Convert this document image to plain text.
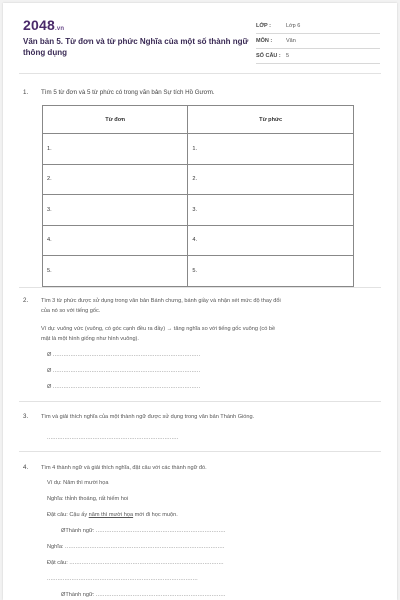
2048.vn
Văn bản 5. Từ đơn và từ phức Nghĩa của một số thành ngữ thông dụng
LỚP :	Lớp 6
MÔN :	Văn
SỐ CÂU : 5
1. Tìm 5 từ đơn và 5 từ phức có trong văn bản Sự tích Hồ Gươm.
Từ đơn	Từ phức
1.	1.
2.	2.
3.	3.
4.	4.
5.	5.
2.	Tìm 3 từ phức được sử dụng trong văn bản Bánh chưng, bánh giầy và nhận xét mức độ thay đổi
của nó so với tiếng gốc.
Ví dụ: vuông vức (vuông, có góc cạnh đều ra đầy) → tăng nghĩa so với tiếng gốc vuông (có bề
mặt là một hình giống như hình vuông).
Ø ....................................................................................
Ø ....................................................................................
Ø ....................................................................................
3.	Tìm và giải thích nghĩa của một thành ngữ được sử dụng trong văn bản Thánh Gióng.
...........................................................................
4.	Tìm 4 thành ngữ và giải thích nghĩa, đặt câu với các thành ngữ đó.
Ví dụ: Năm thì mười họa
Nghĩa: thỉnh thoảng, rất hiếm hoi
Đặt câu: Cậu ấy năm thì mười họa mới đi học muộn.
ØThành ngữ: ..........................................................................
Nghĩa: ...........................................................................................
Đặt câu: ........................................................................................
......................................................................................
ØThành ngữ: ..........................................................................
